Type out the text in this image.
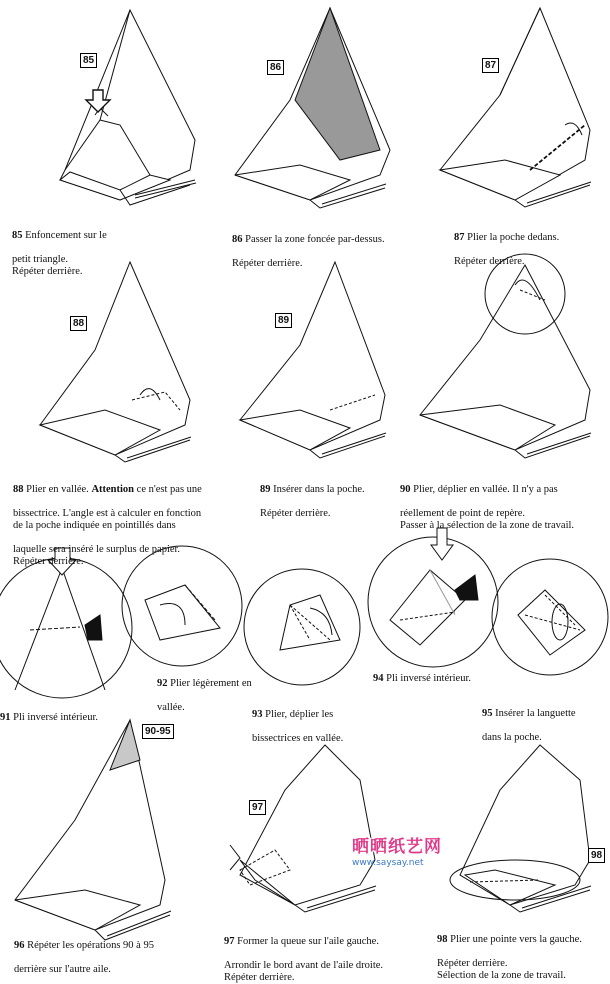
85
86	87
88	89
90-95
97
98

85 Enfoncement sur le

petit triangle.
Répéter derrière.

86 Passer la zone foncée par-dessus.

Répéter derrière.

87 Plier la poche dedans.

Répéter derrière.

88 Plier en vallée. Attention ce n'est pas une

bissectrice. L'angle est à calculer en fonction
de la poche indiquée en pointillés dans

laquelle sera inséré le surplus de papier.
Répéter derrière.

89 Insérer dans la poche.

Répéter derrière.

90 Plier, déplier en vallée. Il n'y a pas

réellement de point de repère.
Passer à la sélection de la zone de travail.

91 Pli inversé intérieur.

92 Plier légèrement en

vallée.

93 Plier, déplier les

bissectrices en vallée.

94 Pli inversé intérieur.

95 Insérer la languette

dans la poche.

96 Répéter les opérations 90 à 95

derrière sur l'autre aile.

97 Former la queue sur l'aile gauche.

Arrondir le bord avant de l'aile droite.
Répéter derrière.

98 Plier une pointe vers la gauche.

Répéter derrière.
Sélection de la zone de travail.

晒晒纸艺网
www.saysay.net
